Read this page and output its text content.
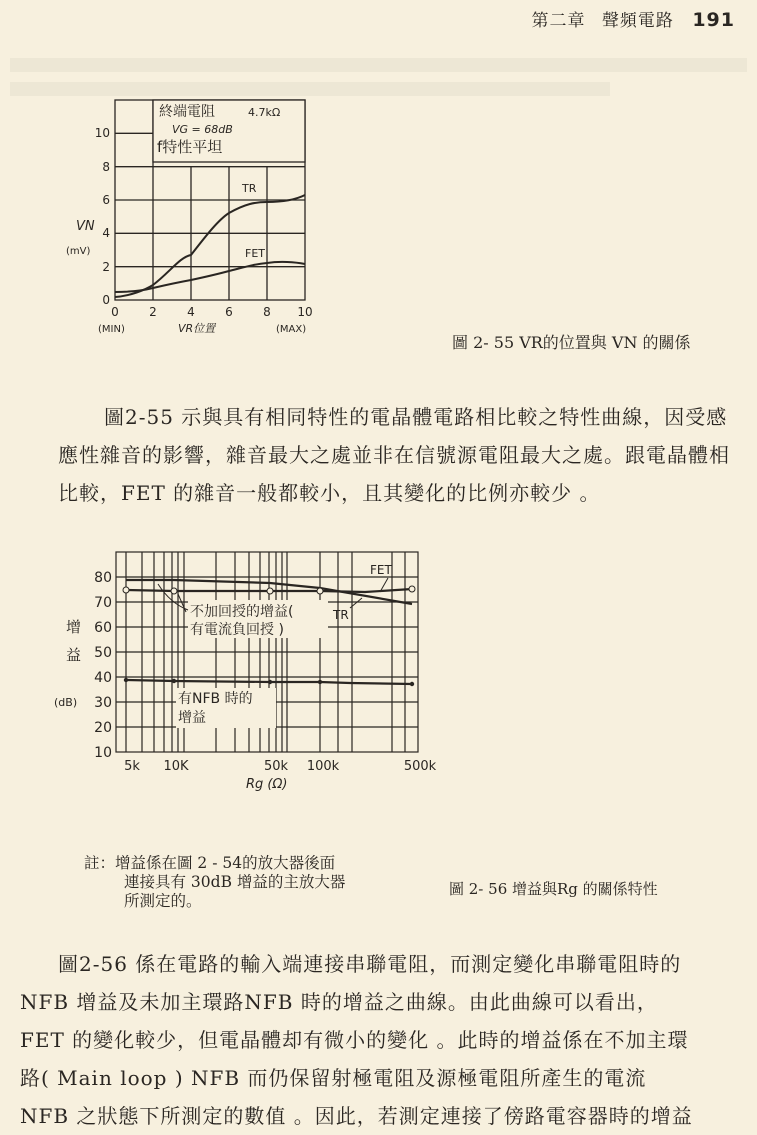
第二章 聲頻電路 191
TR
FET
終端電阻	4.7kΩ
VG = 68dB
f特性平坦
0
2
4
6
8
10
VN
(mV)
0	2	4	6	8 10
(MIN)	VR位置	(MAX)
圖 2- 55 VR的位置與 VN 的關係

圖2-55 示與具有相同特性的電晶體電路相比較之特性曲線，因受感

應性雜音的影響，雜音最大之處並非在信號源電阻最大之處。跟電晶體相

比較，FET 的雜音一般都較小，且其變化的比例亦較少 。

不加回授的增益(
有電流負回授 )
有NFB 時的
增益
TR
FET
10
20
30
40
50
60
70
80
增
益
(dB)
5k 10K	50k 100k	500k
Rg (Ω)
註：增益係在圖 2 - 54的放大器後面
連接具有 30dB 增益的主放大器
所測定的。
圖 2- 56 增益與Rg 的關係特性

圖2-56 係在電路的輸入端連接串聯電阻，而測定變化串聯電阻時的

NFB 增益及未加主環路NFB 時的增益之曲線。由此曲線可以看出，

FET 的變化較少，但電晶體却有微小的變化 。此時的增益係在不加主環

路( Main loop ) NFB 而仍保留射極電阻及源極電阻所產生的電流

NFB 之狀態下所測定的數值 。因此，若測定連接了傍路電容器時的增益
